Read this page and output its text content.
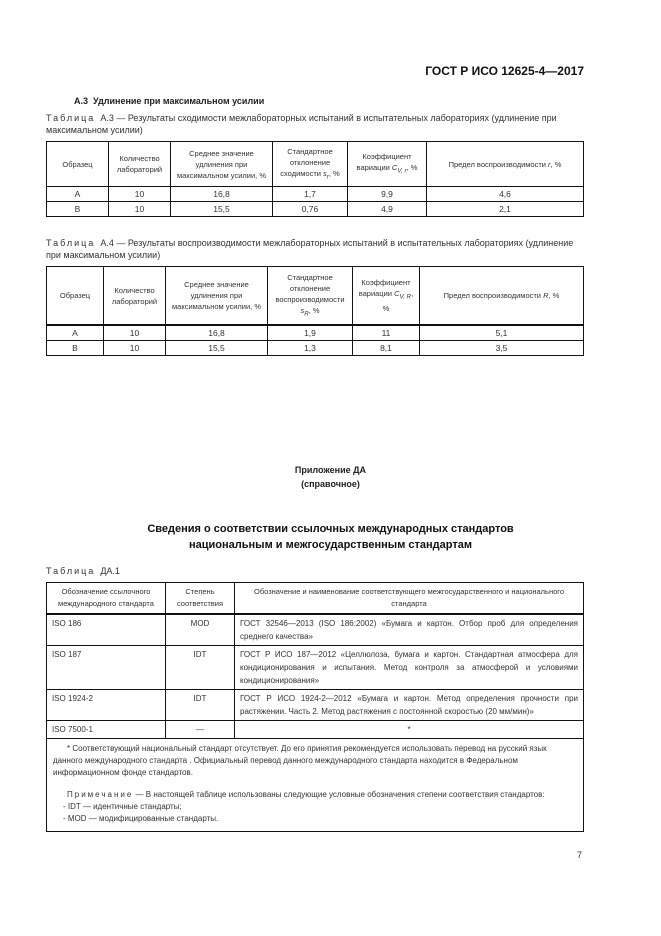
ГОСТ Р ИСО 12625-4—2017
А.3 Удлинение при максимальном усилии
Таблица А.3 — Результаты сходимости межлабораторных испытаний в испытательных лабораториях (удлинение при максимальном усилии)
Образец	Количество лабораторий	Среднее значение удлинения при максимальном усилии, %	Стандартное отклонение сходимости $s_r$, %	Коэффициент вариации $C_{V, r}$, %	Предел воспроизводимости r, %
A	10	16,8	1,7	9,9	4,6
B	10	15,5	0,76	4,9	2,1
Таблица А.4 — Результаты воспроизводимости межлабораторных испытаний в испытательных лабораториях (удлинение при максимальном усилии)
Образец	Количество лабораторий	Среднее значение удлинения при максимальном усилии, %	Стандартное отклонение воспроизводимости $s_R$, %	Коэффициент вариации $C_{V, R}$, %	Предел воспроизводимости R, %
A	10	16,8	1,9	11	5,1
B	10	15,5	1,3	8,1	3,5
Приложение ДА
(справочное)
Сведения о соответствии ссылочных международных стандартов
национальным и межгосударственным стандартам
Таблица ДА.1
Обозначение ссылочного международного стандарта	Степень соответствия	Обозначение и наименование соответствующего межгосударственного и национального стандарта
ISO 186	MOD	ГОСТ 32546—2013 (ISO 186:2002) «Бумага и картон. Отбор проб для определения среднего качества»
ISO 187	IDT	ГОСТ Р ИСО 187—2012 «Целлюлоза, бумага и картон. Стандартная атмосфера для кондиционирования и испытания. Метод контроля за атмосферой и условиями кондиционирования»
ISO 1924-2	IDT	ГОСТ Р ИСО 1924-2—2012 «Бумага и картон. Метод определения прочности при растяжении. Часть 2. Метод растяжения с постоянной скоростью (20 мм/мин)»
ISO 7500-1	—	*

* Соответствующий национальный стандарт отсутствует. До его принятия рекомендуется использовать перевод на русский язык данного международного стандарта . Официальный перевод данного международного стандарта находится в Федеральном информационном фонде стандартов.
Примечание — В настоящей таблице использованы следующие условные обозначения степени соответствия стандартов:
- IDT — идентичные стандарты;
- MOD — модифицированные стандарты.		
7
